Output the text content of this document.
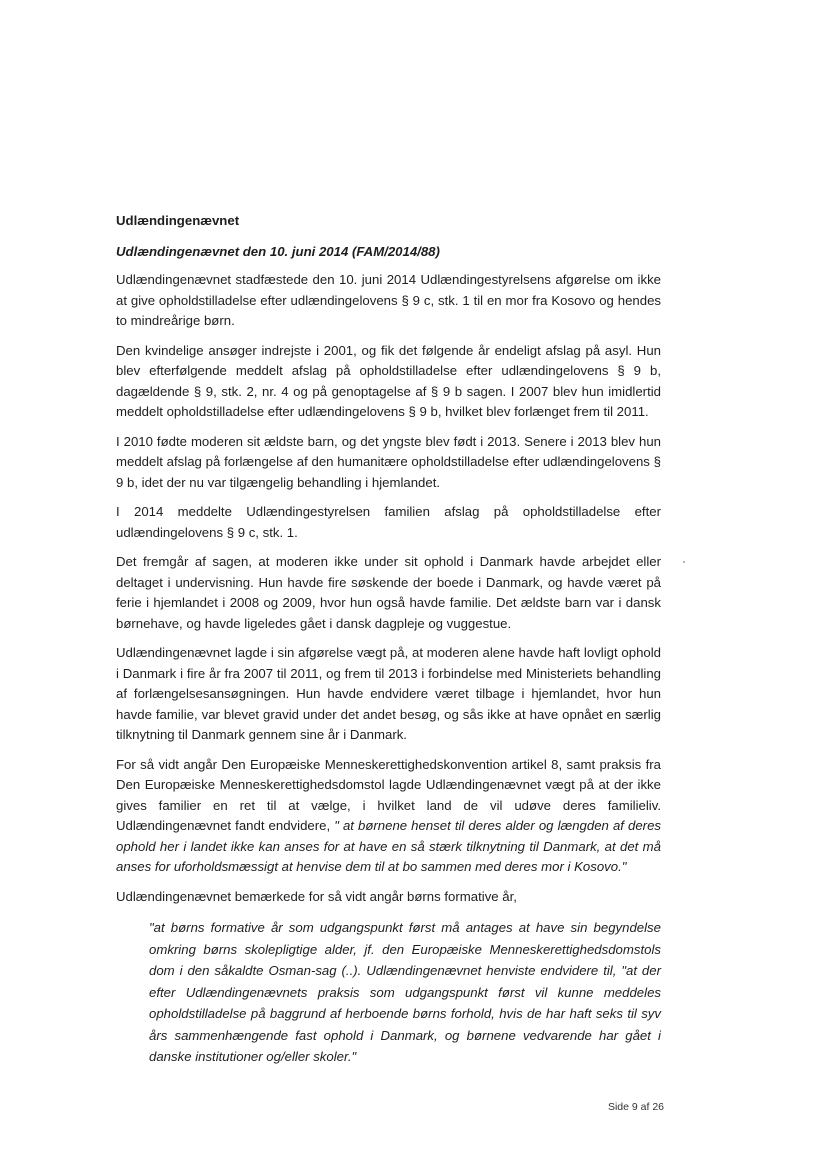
Udlændingenævnet
Udlændingenævnet den 10. juni 2014 (FAM/2014/88)

Udlændingenævnet stadfæstede den 10. juni 2014 Udlændingestyrelsens afgørelse om ikke at give opholdstilladelse efter udlændingelovens § 9 c, stk. 1 til en mor fra Kosovo og hendes to mindreårige børn.

Den kvindelige ansøger indrejste i 2001, og fik det følgende år endeligt afslag på asyl. Hun blev efterfølgende meddelt afslag på opholdstilladelse efter udlændingelovens § 9 b, dagældende § 9, stk. 2, nr. 4 og på genoptagelse af § 9 b sagen. I 2007 blev hun imidlertid meddelt opholdstilladelse efter udlændingelovens § 9 b, hvilket blev forlænget frem til 2011.

I 2010 fødte moderen sit ældste barn, og det yngste blev født i 2013. Senere i 2013 blev hun meddelt afslag på forlængelse af den humanitære opholdstilladelse efter udlændingelovens § 9 b, idet der nu var tilgængelig behandling i hjemlandet.

I 2014 meddelte Udlændingestyrelsen familien afslag på opholdstilladelse efter udlændingelovens § 9 c, stk. 1.

Det fremgår af sagen, at moderen ikke under sit ophold i Danmark havde arbejdet eller deltaget i undervisning. Hun havde fire søskende der boede i Danmark, og havde været på ferie i hjemlandet i 2008 og 2009, hvor hun også havde familie. Det ældste barn var i dansk børnehave, og havde ligeledes gået i dansk dagpleje og vuggestue.

Udlændingenævnet lagde i sin afgørelse vægt på, at moderen alene havde haft lovligt ophold i Danmark i fire år fra 2007 til 2011, og frem til 2013 i forbindelse med Ministeriets behandling af forlængelsesansøgningen. Hun havde endvidere været tilbage i hjemlandet, hvor hun havde familie, var blevet gravid under det andet besøg, og sås ikke at have opnået en særlig tilknytning til Danmark gennem sine år i Danmark.

For så vidt angår Den Europæiske Menneskerettighedskonvention artikel 8, samt praksis fra Den Europæiske Menneskerettighedsdomstol lagde Udlændingenævnet vægt på at der ikke gives familier en ret til at vælge, i hvilket land de vil udøve deres familieliv. Udlændingenævnet fandt endvidere, " at børnene henset til deres alder og længden af deres ophold her i landet ikke kan anses for at have en så stærk tilknytning til Danmark, at det må anses for uforholdsmæssigt at henvise dem til at bo sammen med deres mor i Kosovo."

Udlændingenævnet bemærkede for så vidt angår børns formative år,

"at børns formative år som udgangspunkt først må antages at have sin begyndelse omkring børns skolepligtige alder, jf. den Europæiske Menneskerettighedsdomstols dom i den såkaldte Osman-sag (..). Udlændingenævnet henviste endvidere til, "at der efter Udlændingenævnets praksis som udgangspunkt først vil kunne meddeles opholdstilladelse på baggrund af herboende børns forhold, hvis de har haft seks til syv års sammenhængende fast ophold i Danmark, og børnene vedvarende har gået i danske institutioner og/eller skoler."
Side 9 af 26
